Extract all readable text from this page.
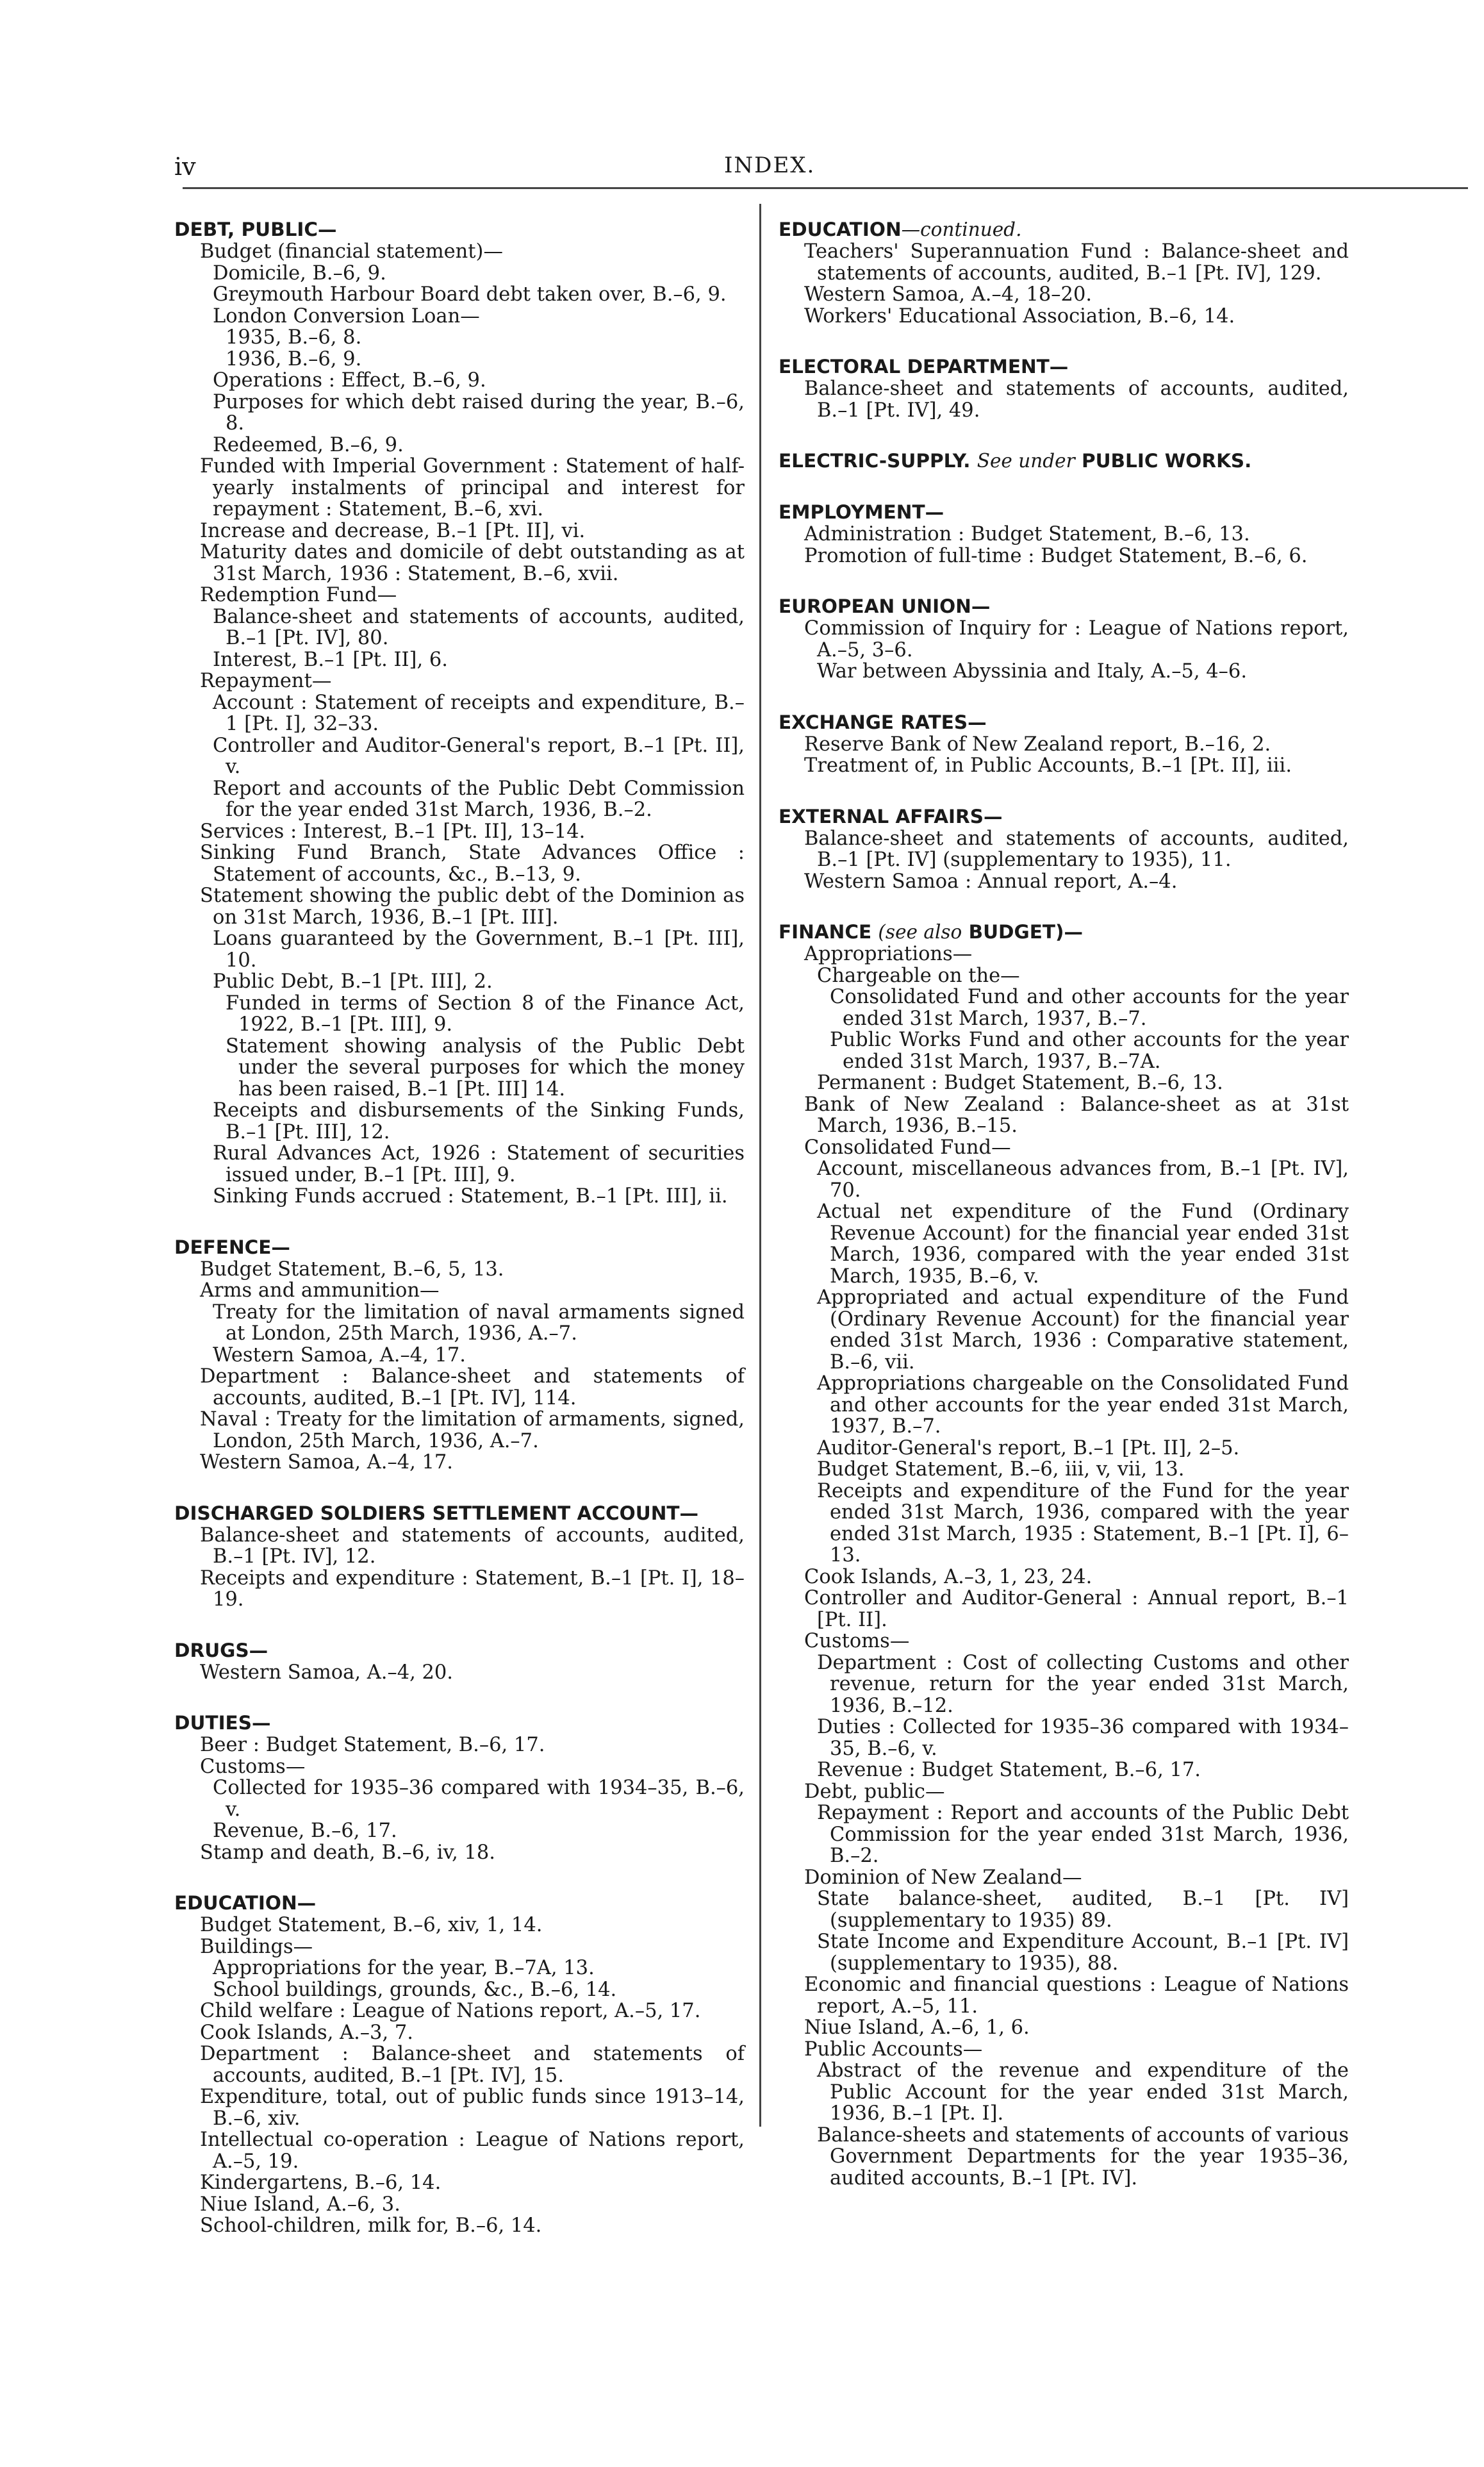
iv	INDEX.
DEBT, PUBLIC—
Budget (financial statement)—
Domicile, B.–6, 9.
Greymouth Harbour Board debt taken over, B.–6, 9.
London Conversion Loan—
1935, B.–6, 8.
1936, B.–6, 9.
Operations : Effect, B.–6, 9.
Purposes for which debt raised during the year, B.–6, 8.
Redeemed, B.–6, 9.
Funded with Imperial Government : Statement of half-yearly instalments of principal and interest for repayment : Statement, B.–6, xvi.
Increase and decrease, B.–1 [Pt. II], vi.
Maturity dates and domicile of debt outstanding as at 31st March, 1936 : Statement, B.–6, xvii.
Redemption Fund—
Balance-sheet and statements of accounts, audited, B.–1 [Pt. IV], 80.
Interest, B.–1 [Pt. II], 6.
Repayment—
Account : Statement of receipts and expenditure, B.–1 [Pt. I], 32–33.
Controller and Auditor-General's report, B.–1 [Pt. II], v.
Report and accounts of the Public Debt Commission for the year ended 31st March, 1936, B.–2.
Services : Interest, B.–1 [Pt. II], 13–14.
Sinking Fund Branch, State Advances Office : Statement of accounts, &c., B.–13, 9.
Statement showing the public debt of the Dominion as on 31st March, 1936, B.–1 [Pt. III].
Loans guaranteed by the Government, B.–1 [Pt. III], 10.
Public Debt, B.–1 [Pt. III], 2.
Funded in terms of Section 8 of the Finance Act, 1922, B.–1 [Pt. III], 9.
Statement showing analysis of the Public Debt under the several purposes for which the money has been raised, B.–1 [Pt. III] 14.
Receipts and disbursements of the Sinking Funds, B.–1 [Pt. III], 12.
Rural Advances Act, 1926 : Statement of securities issued under, B.–1 [Pt. III], 9.
Sinking Funds accrued : Statement, B.–1 [Pt. III], ii.
DEFENCE—
Budget Statement, B.–6, 5, 13.
Arms and ammunition—
Treaty for the limitation of naval armaments signed at London, 25th March, 1936, A.–7.
Western Samoa, A.–4, 17.
Department : Balance-sheet and statements of accounts, audited, B.–1 [Pt. IV], 114.
Naval : Treaty for the limitation of armaments, signed, London, 25th March, 1936, A.–7.
Western Samoa, A.–4, 17.
DISCHARGED SOLDIERS SETTLEMENT ACCOUNT—
Balance-sheet and statements of accounts, audited, B.–1 [Pt. IV], 12.
Receipts and expenditure : Statement, B.–1 [Pt. I], 18–19.
DRUGS—
Western Samoa, A.–4, 20.
DUTIES—
Beer : Budget Statement, B.–6, 17.
Customs—
Collected for 1935–36 compared with 1934–35, B.–6, v.
Revenue, B.–6, 17.
Stamp and death, B.–6, iv, 18.
EDUCATION—
Budget Statement, B.–6, xiv, 1, 14.
Buildings—
Appropriations for the year, B.–7A, 13.
School buildings, grounds, &c., B.–6, 14.
Child welfare : League of Nations report, A.–5, 17.
Cook Islands, A.–3, 7.
Department : Balance-sheet and statements of accounts, audited, B.–1 [Pt. IV], 15.
Expenditure, total, out of public funds since 1913–14, B.–6, xiv.
Intellectual co-operation : League of Nations report, A.–5, 19.
Kindergartens, B.–6, 14.
Niue Island, A.–6, 3.
School-children, milk for, B.–6, 14.
EDUCATION—continued.
Teachers' Superannuation Fund : Balance-sheet and statements of accounts, audited, B.–1 [Pt. IV], 129.
Western Samoa, A.–4, 18–20.
Workers' Educational Association, B.–6, 14.
ELECTORAL DEPARTMENT—
Balance-sheet and statements of accounts, audited, B.–1 [Pt. IV], 49.
ELECTRIC-SUPPLY. See under PUBLIC WORKS.
EMPLOYMENT—
Administration : Budget Statement, B.–6, 13.
Promotion of full-time : Budget Statement, B.–6, 6.
EUROPEAN UNION—
Commission of Inquiry for : League of Nations report, A.–5, 3–6.
War between Abyssinia and Italy, A.–5, 4–6.
EXCHANGE RATES—
Reserve Bank of New Zealand report, B.–16, 2.
Treatment of, in Public Accounts, B.–1 [Pt. II], iii.
EXTERNAL AFFAIRS—
Balance-sheet and statements of accounts, audited, B.–1 [Pt. IV] (supplementary to 1935), 11.
Western Samoa : Annual report, A.–4.
FINANCE (see also BUDGET)—
Appropriations—
Chargeable on the—
Consolidated Fund and other accounts for the year ended 31st March, 1937, B.–7.
Public Works Fund and other accounts for the year ended 31st March, 1937, B.–7A.
Permanent : Budget Statement, B.–6, 13.
Bank of New Zealand : Balance-sheet as at 31st March, 1936, B.–15.
Consolidated Fund—
Account, miscellaneous advances from, B.–1 [Pt. IV], 70.
Actual net expenditure of the Fund (Ordinary Revenue Account) for the financial year ended 31st March, 1936, compared with the year ended 31st March, 1935, B.–6, v.
Appropriated and actual expenditure of the Fund (Ordinary Revenue Account) for the financial year ended 31st March, 1936 : Comparative statement, B.–6, vii.
Appropriations chargeable on the Consolidated Fund and other accounts for the year ended 31st March, 1937, B.–7.
Auditor-General's report, B.–1 [Pt. II], 2–5.
Budget Statement, B.–6, iii, v, vii, 13.
Receipts and expenditure of the Fund for the year ended 31st March, 1936, compared with the year ended 31st March, 1935 : Statement, B.–1 [Pt. I], 6–13.
Cook Islands, A.–3, 1, 23, 24.
Controller and Auditor-General : Annual report, B.–1 [Pt. II].
Customs—
Department : Cost of collecting Customs and other revenue, return for the year ended 31st March, 1936, B.–12.
Duties : Collected for 1935–36 compared with 1934–35, B.–6, v.
Revenue : Budget Statement, B.–6, 17.
Debt, public—
Repayment : Report and accounts of the Public Debt Commission for the year ended 31st March, 1936, B.–2.
Dominion of New Zealand—
State balance-sheet, audited, B.–1 [Pt. IV] (supplementary to 1935) 89.
State Income and Expenditure Account, B.–1 [Pt. IV] (supplementary to 1935), 88.
Economic and financial questions : League of Nations report, A.–5, 11.
Niue Island, A.–6, 1, 6.
Public Accounts—
Abstract of the revenue and expenditure of the Public Account for the year ended 31st March, 1936, B.–1 [Pt. I].
Balance-sheets and statements of accounts of various Government Departments for the year 1935–36, audited accounts, B.–1 [Pt. IV].
